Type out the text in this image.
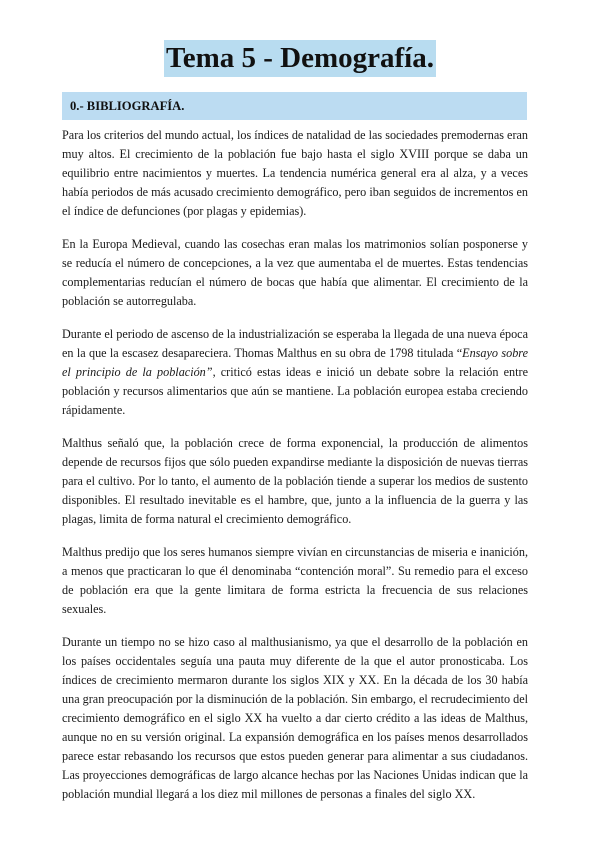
Tema 5 - Demografía.
0.- BIBLIOGRAFÍA.

Para los criterios del mundo actual, los índices de natalidad de las sociedades premodernas eran muy altos. El crecimiento de la población fue bajo hasta el siglo XVIII porque se daba un equilibrio entre nacimientos y muertes. La tendencia numérica general era al alza, y a veces había periodos de más acusado crecimiento demográfico, pero iban seguidos de incrementos en el índice de defunciones (por plagas y epidemias).

En la Europa Medieval, cuando las cosechas eran malas los matrimonios solían posponerse y se reducía el número de concepciones, a la vez que aumentaba el de muertes. Estas tendencias complementarias reducían el número de bocas que había que alimentar. El crecimiento de la población se autorregulaba.

Durante el periodo de ascenso de la industrialización se esperaba la llegada de una nueva época en la que la escasez desapareciera. Thomas Malthus en su obra de 1798 titulada “Ensayo sobre el principio de la población”, criticó estas ideas e inició un debate sobre la relación entre población y recursos alimentarios que aún se mantiene. La población europea estaba creciendo rápidamente.

Malthus señaló que, la población crece de forma exponencial, la producción de alimentos depende de recursos fijos que sólo pueden expandirse mediante la disposición de nuevas tierras para el cultivo. Por lo tanto, el aumento de la población tiende a superar los medios de sustento disponibles. El resultado inevitable es el hambre, que, junto a la influencia de la guerra y las plagas, limita de forma natural el crecimiento demográfico.

Malthus predijo que los seres humanos siempre vivían en circunstancias de miseria e inanición, a menos que practicaran lo que él denominaba “contención moral”. Su remedio para el exceso de población era que la gente limitara de forma estricta la frecuencia de sus relaciones sexuales.

Durante un tiempo no se hizo caso al malthusianismo, ya que el desarrollo de la población en los países occidentales seguía una pauta muy diferente de la que el autor pronosticaba. Los índices de crecimiento mermaron durante los siglos XIX y XX. En la década de los 30 había una gran preocupación por la disminución de la población. Sin embargo, el recrudecimiento del crecimiento demográfico en el siglo XX ha vuelto a dar cierto crédito a las ideas de Malthus, aunque no en su versión original. La expansión demográfica en los países menos desarrollados parece estar rebasando los recursos que estos pueden generar para alimentar a sus ciudadanos. Las proyecciones demográficas de largo alcance hechas por las Naciones Unidas indican que la población mundial llegará a los diez mil millones de personas a finales del siglo XX.
